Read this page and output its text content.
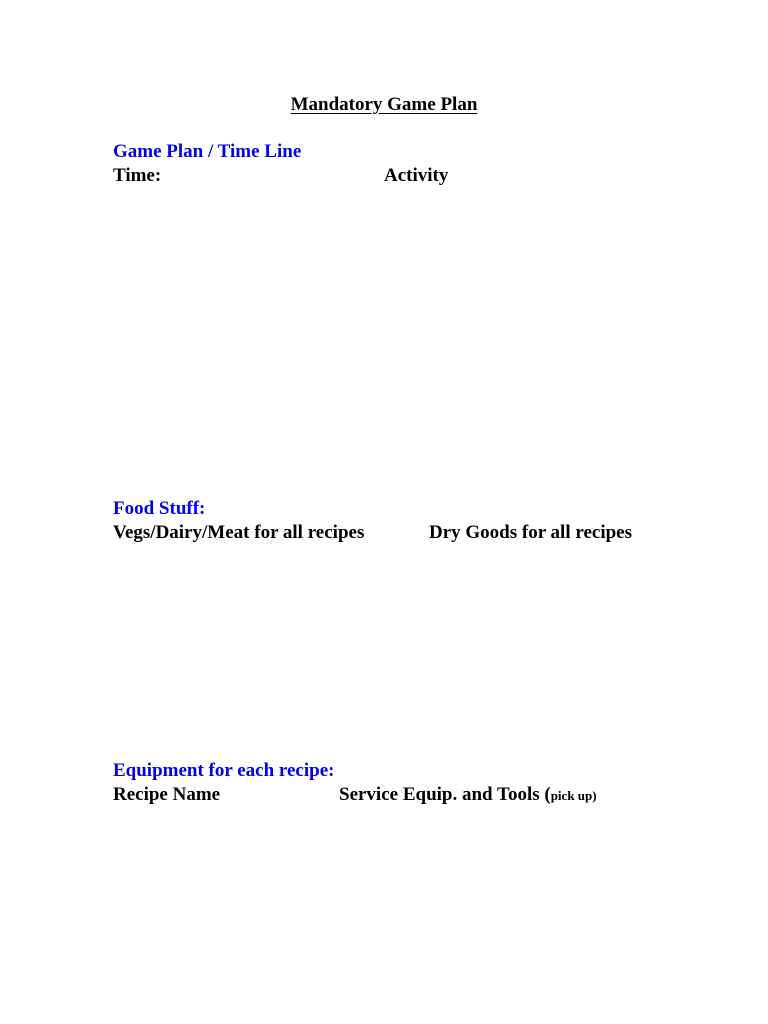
Mandatory Game Plan
Game Plan / Time Line
Time:	Activity
Food Stuff:
Vegs/Dairy/Meat for all recipes	Dry Goods for all recipes
Equipment for each recipe:
Recipe Name	Service Equip. and Tools (pick up)
